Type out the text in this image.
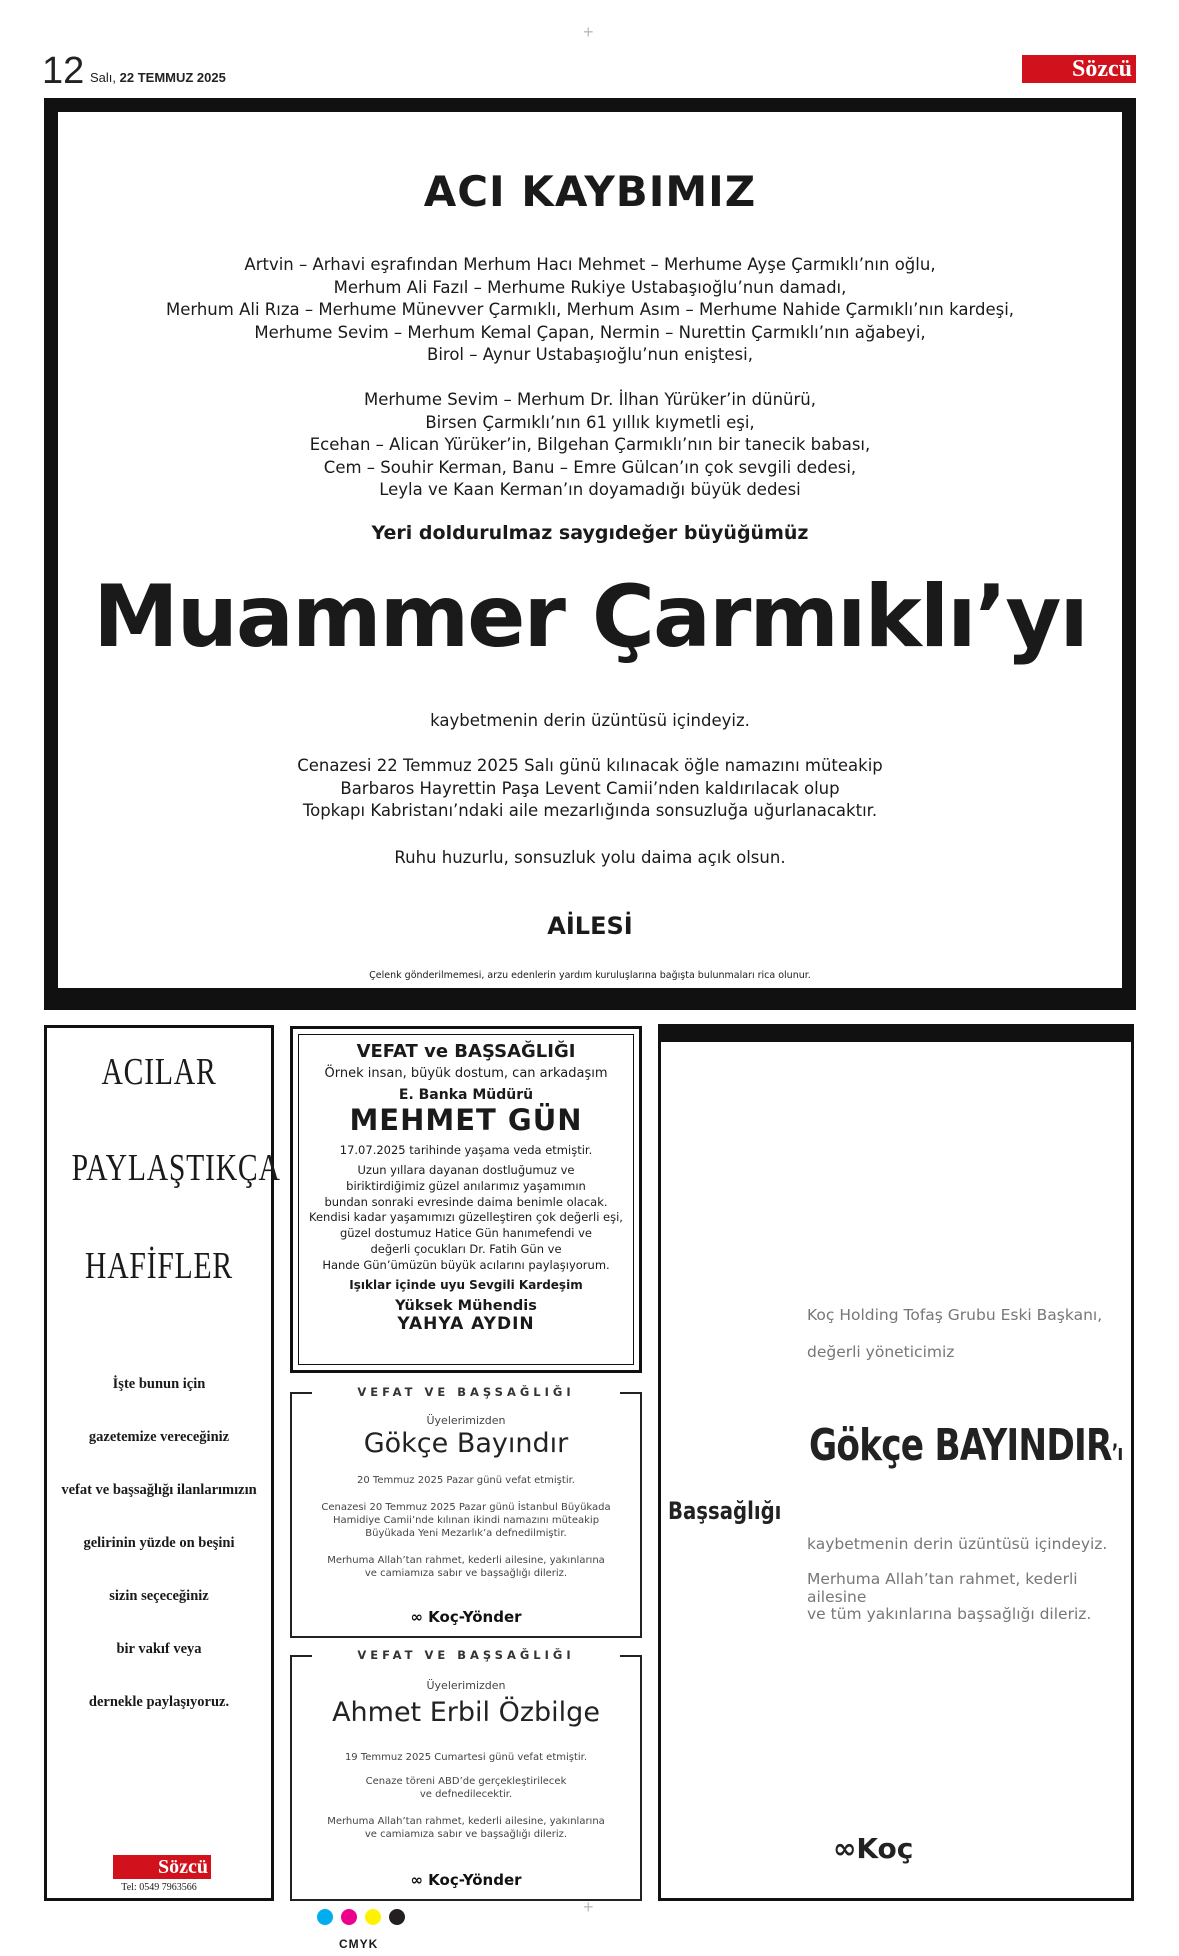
12 Salı, 22 TEMMUZ 2025	Sözcü
+
ACI KAYBIMIZ
Artvin – Arhavi eşrafından Merhum Hacı Mehmet – Merhume Ayşe Çarmıklı’nın oğlu,
Merhum Ali Fazıl – Merhume Rukiye Ustabaşıoğlu’nun damadı,
Merhum Ali Rıza – Merhume Münevver Çarmıklı, Merhum Asım – Merhume Nahide Çarmıklı’nın kardeşi,
Merhume Sevim – Merhum Kemal Çapan, Nermin – Nurettin Çarmıklı’nın ağabeyi,
Birol – Aynur Ustabaşıoğlu’nun eniştesi,
Merhume Sevim – Merhum Dr. İlhan Yürüker’in dünürü,
Birsen Çarmıklı’nın 61 yıllık kıymetli eşi,
Ecehan – Alican Yürüker’in, Bilgehan Çarmıklı’nın bir tanecik babası,
Cem – Souhir Kerman, Banu – Emre Gülcan’ın çok sevgili dedesi,
Leyla ve Kaan Kerman’ın doyamadığı büyük dedesi
Yeri doldurulmaz saygıdeğer büyüğümüz
Muammer Çarmıklı’yı
kaybetmenin derin üzüntüsü içindeyiz.
Cenazesi 22 Temmuz 2025 Salı günü kılınacak öğle namazını müteakip
Barbaros Hayrettin Paşa Levent Camii’nden kaldırılacak olup
Topkapı Kabristanı’ndaki aile mezarlığında sonsuzluğa uğurlanacaktır.
Ruhu huzurlu, sonsuzluk yolu daima açık olsun.
AİLESİ
Çelenk gönderilmemesi, arzu edenlerin yardım kuruluşlarına bağışta bulunmaları rica olunur.
ACILAR
PAYLAŞTIKÇA
HAFİFLER
İşte bunun için
gazetemize vereceğiniz
vefat ve başsağlığı ilanlarımızın
gelirinin yüzde on beşini
sizin seçeceğiniz
bir vakıf veya
dernekle paylaşıyoruz.
Sözcü
Tel: 0549 7963566
VEFAT ve BAŞSAĞLIĞI
Örnek insan, büyük dostum, can arkadaşım
E. Banka Müdürü
MEHMET GÜN
17.07.2025 tarihinde yaşama veda etmiştir.
Uzun yıllara dayanan dostluğumuz ve
biriktirdiğimiz güzel anılarımız yaşamımın
bundan sonraki evresinde daima benimle olacak.
Kendisi kadar yaşamımızı güzelleştiren çok değerli eşi,
güzel dostumuz Hatice Gün hanımefendi ve
değerli çocukları Dr. Fatih Gün ve
Hande Gün’ümüzün büyük acılarını paylaşıyorum.
Işıklar içinde uyu Sevgili Kardeşim
Yüksek Mühendis
YAHYA AYDIN
VEFAT VE BAŞSAĞLIĞI
Üyelerimizden
Gökçe Bayındır
20 Temmuz 2025 Pazar günü vefat etmiştir.
Cenazesi 20 Temmuz 2025 Pazar günü İstanbul Büyükada
Hamidiye Camii’nde kılınan ikindi namazını müteakip
Büyükada Yeni Mezarlık’a defnedilmiştir.
Merhuma Allah’tan rahmet, kederli ailesine, yakınlarına
ve camiamıza sabır ve başsağlığı dileriz.
∞ Koç-Yönder
VEFAT VE BAŞSAĞLIĞI
Üyelerimizden
Ahmet Erbil Özbilge
19 Temmuz 2025 Cumartesi günü vefat etmiştir.
Cenaze töreni ABD’de gerçekleştirilecek
ve defnedilecektir.
Merhuma Allah’tan rahmet, kederli ailesine, yakınlarına
ve camiamıza sabır ve başsağlığı dileriz.
∞ Koç-Yönder
Koç Holding Tofaş Grubu Eski Başkanı,
değerli yöneticimiz
Gökçe BAYINDIR’ı
Başsağlığı
kaybetmenin derin üzüntüsü içindeyiz.
Merhuma Allah’tan rahmet, kederli ailesine
ve tüm yakınlarına başsağlığı dileriz.
∞Koç
CMYK
+
